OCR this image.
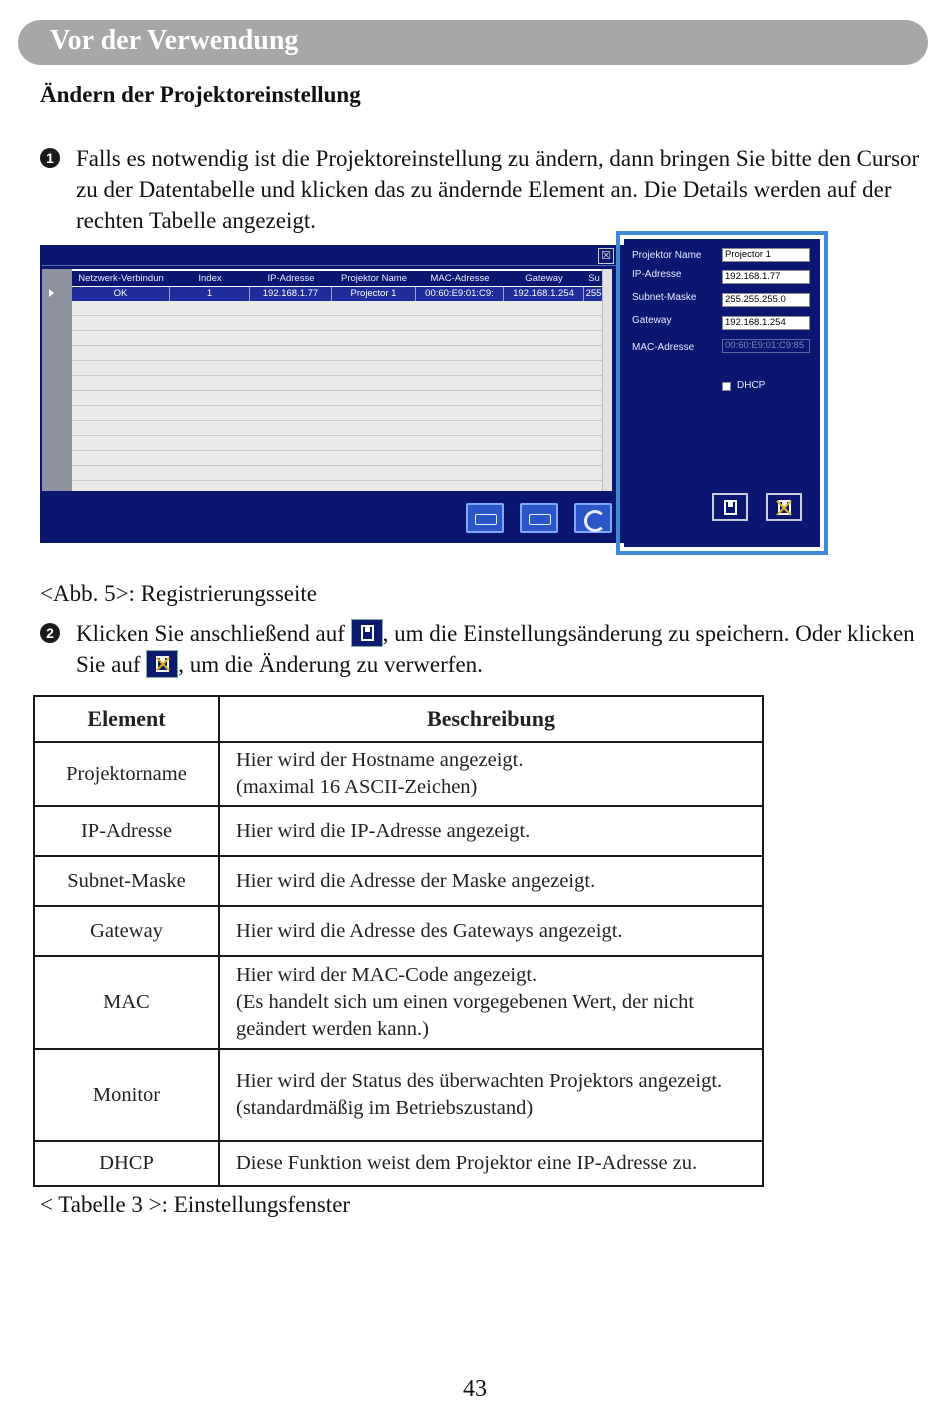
Vor der Verwendung
Ändern der Projektoreinstellung
1 Falls es notwendig ist die Projektoreinstellung zu ändern, dann bringen Sie bitte den Cursor zu der Datentabelle und klicken das zu ändernde Element an. Die Details werden auf der rechten Tabelle angezeigt.
☒
Netzwerk-Verbindun	Index	IP-Adresse	Projektor Name	MAC-Adresse	Gateway	Su
OK	1	192.168.1.77	Projector 1	00:60:E9:01:C9:	192.168.1.254	255
Projektor Name	Projector 1
IP-Adresse	192.168.1.77
Subnet-Maske	255.255.255.0
Gateway	192.168.1.254
MAC-Adresse	00:60:E9:01:C9:85
DHCP
<Abb. 5>: Registrierungsseite
2 Klicken Sie anschließend auf
, um die Einstellungsänderung zu speichern. Oder klicken Sie auf
, um die Änderung zu verwerfen.
Element	Beschreibung
Projektorname	Hier wird der Hostname angezeigt.
(maximal 16 ASCII-Zeichen)
IP-Adresse	Hier wird die IP-Adresse angezeigt.
Subnet-Maske	Hier wird die Adresse der Maske angezeigt.
Gateway	Hier wird die Adresse des Gateways angezeigt.
MAC	Hier wird der MAC-Code angezeigt.
(Es handelt sich um einen vorgegebenen Wert, der nicht geändert werden kann.)
Monitor	Hier wird der Status des überwachten Projektors angezeigt.
(standardmäßig im Betriebszustand)
DHCP	Diese Funktion weist dem Projektor eine IP-Adresse zu.
< Tabelle 3 >: Einstellungsfenster
43
